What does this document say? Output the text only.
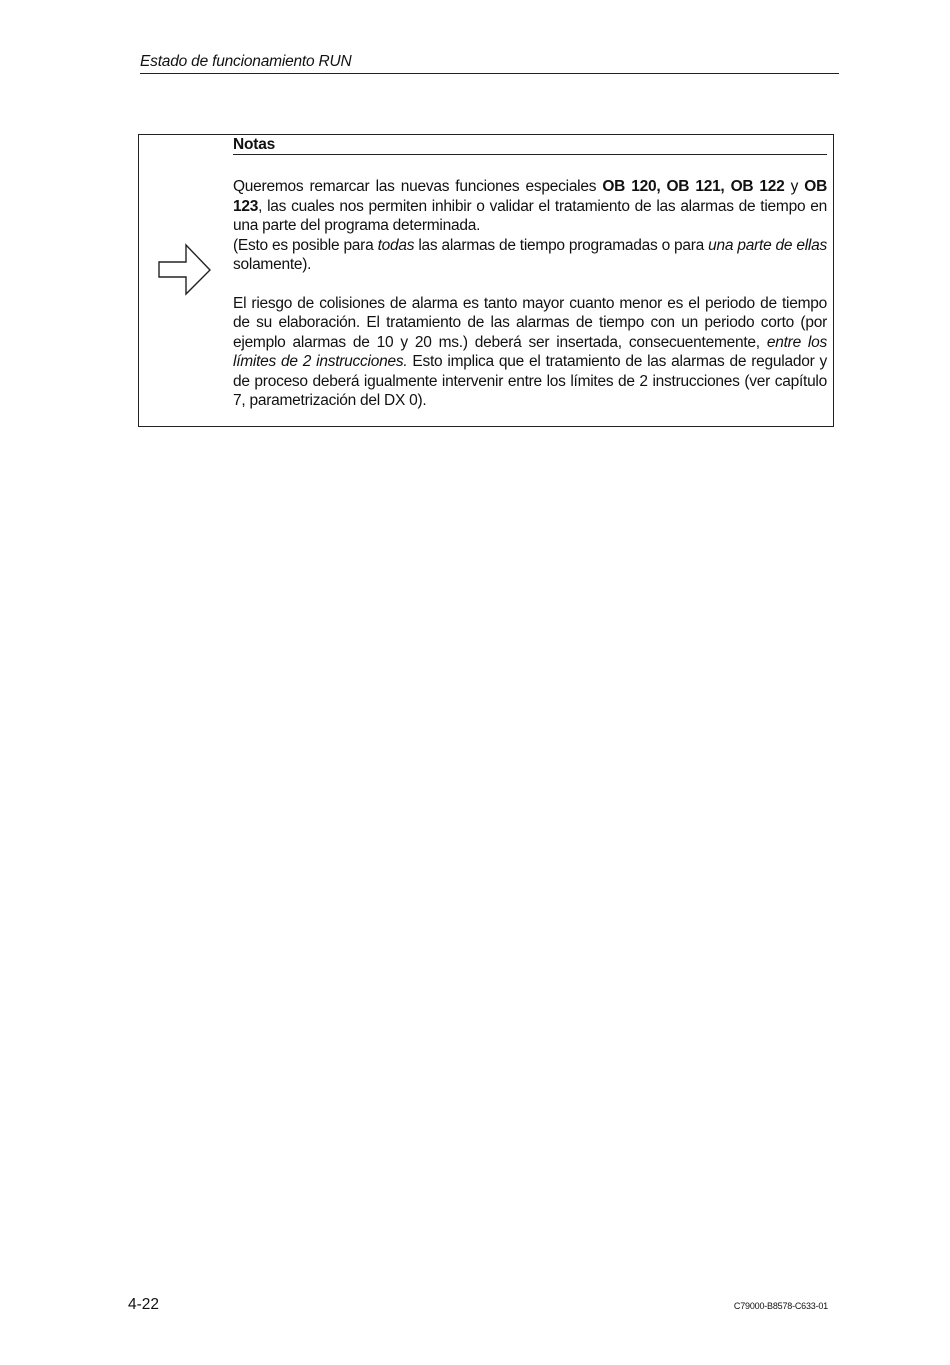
Estado de funcionamiento RUN
Notas

Queremos remarcar las nuevas funciones especiales OB 120, OB 121, OB 122 y OB 123, las cuales nos permiten inhibir o validar el tratamiento de las alarmas de tiempo en una parte del programa determinada.

(Esto es posible para todas las alarmas de tiempo programadas o para una parte de ellas solamente).

El riesgo de colisiones de alarma es tanto mayor cuanto menor es el periodo de tiempo de su elaboración. El tratamiento de las alarmas de tiempo con un periodo corto (por ejemplo alarmas de 10 y 20 ms.) deberá ser insertada, consecuentemente, entre los límites de 2 instrucciones. Esto implica que el tratamiento de las alarmas de regulador y de proceso deberá igualmente intervenir entre los límites de 2 instrucciones (ver capítulo 7, parametrización del DX 0).

4-22	C79000-B8578-C633-01
